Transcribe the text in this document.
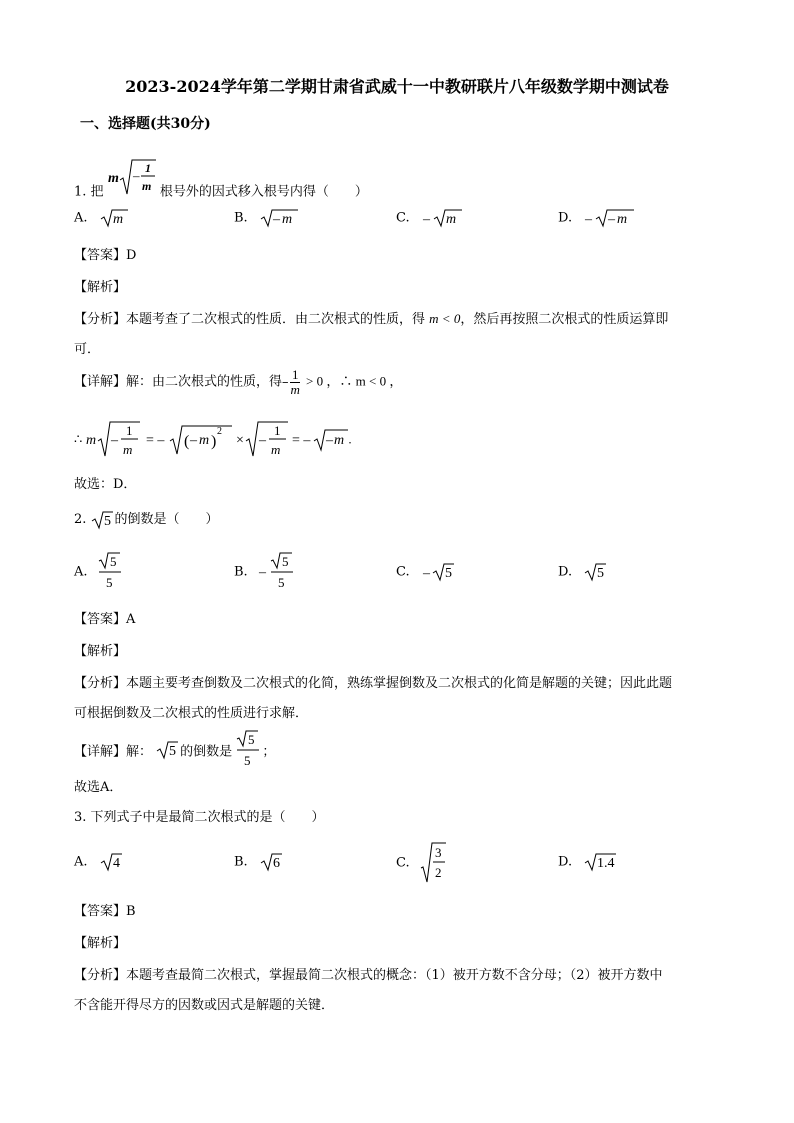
2023-2024学年第二学期甘肃省武威十一中教研联片八年级数学期中测试卷
一、选择题(共30分)
1. 把
m – 1
m 根号外的因式移入根号内得（　　）
A. m	B. – m	C. – m	D. – – m
【答案】D
【解析】
【分析】本题考查了二次根式的性质．由二次根式的性质，得 m < 0，然后再按照二次根式的性质运算即
可．
【详解】解：由二次根式的性质，得– $\frac{1}{m} > 0$ ，∴ m < 0 ，
∴ m –
1
m
= – ( – m )
2
× –
1
m
= – – m .
故选：D．
2. 5 的倒数是（　　）
A.
5
5
B. –
5
5
C. – 5	D. 5
【答案】A
【解析】
【分析】本题主要考查倒数及二次根式的化简，熟练掌握倒数及二次根式的化简是解题的关键；因此此题
可根据倒数及二次根式的性质进行求解．
【详解】解： 5 的倒数是
5
5
；
故选A．
3. 下列式子中是最简二次根式的是（　　）
A. 4	B. 6	C.
3
2
D. 1.4
【答案】B
【解析】
【分析】本题考查最简二次根式，掌握最简二次根式的概念：（1）被开方数不含分母；（2）被开方数中
不含能开得尽方的因数或因式是解题的关键．
